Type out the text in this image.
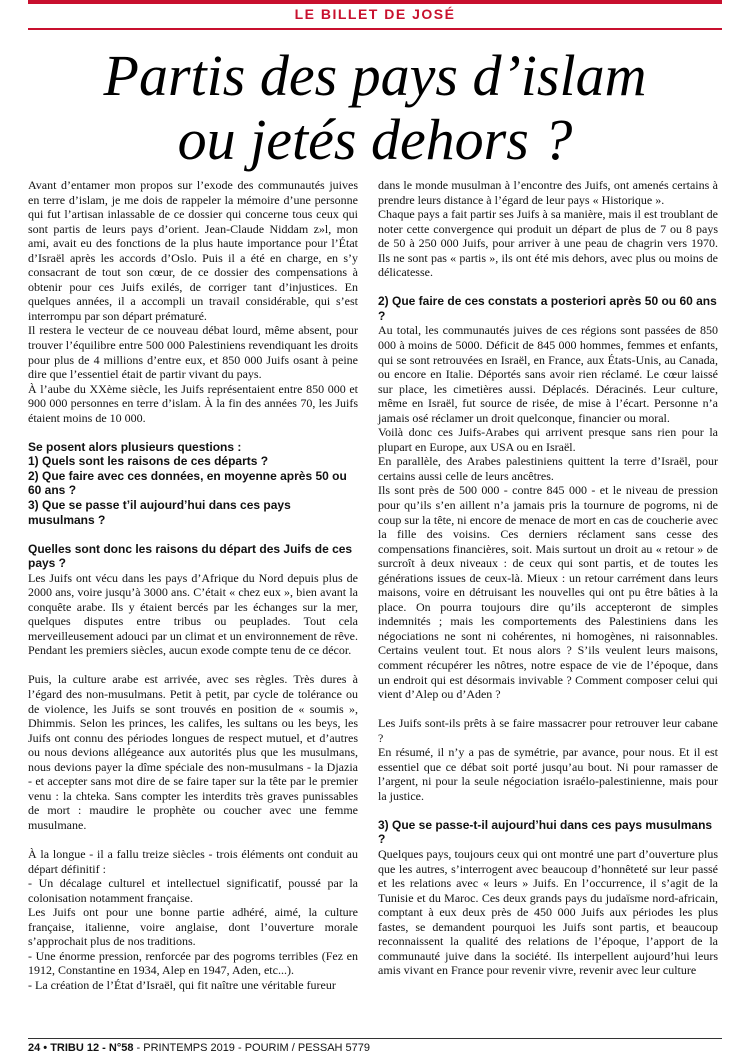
LE BILLET DE JOSÉ
Partis des pays d’islam
ou jetés dehors ?

Avant d’entamer mon propos sur l’exode des communautés juives en terre d’islam, je me dois de rappeler la mémoire d’une personne qui fut l’artisan inlassable de ce dossier qui concerne tous ceux qui sont partis de leurs pays d’orient. Jean-Claude Niddam z»l, mon ami, avait eu des fonctions de la plus haute importance pour l’État d’Israël après les accords d’Oslo. Puis il a été en charge, en s’y consacrant de tout son cœur, de ce dossier des compensations à obtenir pour ces Juifs exilés, de corriger tant d’injustices. En quelques années, il a accompli un travail considérable, qui s’est interrompu par son départ prématuré.

Il restera le vecteur de ce nouveau débat lourd, même absent, pour trouver l’équilibre entre 500 000 Palestiniens revendiquant les droits pour plus de 4 millions d’entre eux, et 850 000 Juifs osant à peine dire que l’essentiel était de partir vivant du pays.

À l’aube du XXème siècle, les Juifs représentaient entre 850 000 et 900 000 personnes en terre d’islam. À la fin des années 70, les Juifs étaient moins de 10 000.

Se posent alors plusieurs questions :
1) Quels sont les raisons de ces départs ?
2) Que faire avec ces données, en moyenne après 50 ou 60 ans ?
3) Que se passe t’il aujourd’hui dans ces pays musulmans ?
Quelles sont donc les raisons du départ des Juifs de ces pays ?

Les Juifs ont vécu dans les pays d’Afrique du Nord depuis plus de 2000 ans, voire jusqu’à 3000 ans. C’était « chez eux », bien avant la conquête arabe. Ils y étaient bercés par les échanges sur la mer, quelques disputes entre tribus ou peuplades. Tout cela merveilleusement adouci par un climat et un environnement de rêve. Pendant les premiers siècles, aucun exode compte tenu de ce décor.

Puis, la culture arabe est arrivée, avec ses règles. Très dures à l’égard des non-musulmans. Petit à petit, par cycle de tolérance ou de violence, les Juifs se sont trouvés en position de « soumis », Dhimmis. Selon les princes, les califes, les sultans ou les beys, les Juifs ont connu des périodes longues de respect mutuel, et d’autres ou nous devions allégeance aux autorités plus que les musulmans, nous devions payer la dîme spéciale des non-musulmans - la Djazia - et accepter sans mot dire de se faire taper sur la tête par le premier venu : la chteka. Sans compter les interdits très graves punissables de mort : maudire le prophète ou coucher avec une femme musulmane.

À la longue - il a fallu treize siècles - trois éléments ont conduit au départ définitif :

- Un décalage culturel et intellectuel significatif, poussé par la colonisation notamment française.

Les Juifs ont pour une bonne partie adhéré, aimé, la culture française, italienne, voire anglaise, dont l’ouverture morale s’approchait plus de nos traditions.

- Une énorme pression, renforcée par des pogroms terribles (Fez en 1912, Constantine en 1934, Alep en 1947, Aden, etc...).

- La création de l’État d’Israël, qui fit naître une véritable fureur

dans le monde musulman à l’encontre des Juifs, ont amenés certains à prendre leurs distance à l’égard de leur pays « Historique ».

Chaque pays a fait partir ses Juifs à sa manière, mais il est troublant de noter cette convergence qui produit un départ de plus de 7 ou 8 pays de 50 à 250 000 Juifs, pour arriver à une peau de chagrin vers 1970. Ils ne sont pas « partis », ils ont été mis dehors, avec plus ou moins de délicatesse.

2) Que faire de ces constats a posteriori après 50 ou 60 ans ?

Au total, les communautés juives de ces régions sont passées de 850 000 à moins de 5000. Déficit de 845 000 hommes, femmes et enfants, qui se sont retrouvées en Israël, en France, aux États-Unis, au Canada, ou encore en Italie. Déportés sans avoir rien réclamé. Le cœur laissé sur place, les cimetières aussi. Déplacés. Déracinés. Leur culture, même en Israël, fut source de risée, de mise à l’écart. Personne n’a jamais osé réclamer un droit quelconque, financier ou moral.

Voilà donc ces Juifs-Arabes qui arrivent presque sans rien pour la plupart en Europe, aux USA ou en Israël.

En parallèle, des Arabes palestiniens quittent la terre d’Israël, pour certains aussi celle de leurs ancêtres.

Ils sont près de 500 000 - contre 845 000 - et le niveau de pression pour qu’ils s’en aillent n’a jamais pris la tournure de pogroms, ni de coup sur la tête, ni encore de menace de mort en cas de coucherie avec la fille des voisins. Ces derniers réclament sans cesse des compensations financières, soit. Mais surtout un droit au « retour » de surcroît à deux niveaux : de ceux qui sont partis, et de toutes les générations issues de ceux-là. Mieux : un retour carrément dans leurs maisons, voire en détruisant les nouvelles qui ont pu être bâties à la place. On pourra toujours dire qu’ils accepteront de simples indemnités ; mais les comportements des Palestiniens dans les négociations ne sont ni cohérentes, ni homogènes, ni raisonnables. Certains veulent tout. Et nous alors ? S’ils veulent leurs maisons, comment récupérer les nôtres, notre espace de vie de l’époque, dans un endroit qui est désormais invivable ? Comment composer celui qui vient d’Alep ou d’Aden ?

Les Juifs sont-ils prêts à se faire massacrer pour retrouver leur cabane ?

En résumé, il n’y a pas de symétrie, par avance, pour nous. Et il est essentiel que ce débat soit porté jusqu’au bout. Ni pour ramasser de l’argent, ni pour la seule négociation israélo-palestinienne, mais pour la justice.

3) Que se passe-t-il aujourd’hui dans ces pays musulmans ?

Quelques pays, toujours ceux qui ont montré une part d’ouverture plus que les autres, s’interrogent avec beaucoup d’honnêteté sur leur passé et les relations avec « leurs » Juifs. En l’occurrence, il s’agit de la Tunisie et du Maroc. Ces deux grands pays du judaïsme nord-africain, comptant à eux deux près de 450 000 Juifs aux périodes les plus fastes, se demandent pourquoi les Juifs sont partis, et beaucoup reconnaissent la qualité des relations de l’époque, l’apport de la communauté juive dans la société. Ils interpellent aujourd’hui leurs amis vivant en France pour revenir vivre, revenir avec leur culture

24 • TRIBU 12 - N°58 - PRINTEMPS 2019 - POURIM / PESSAH 5779
